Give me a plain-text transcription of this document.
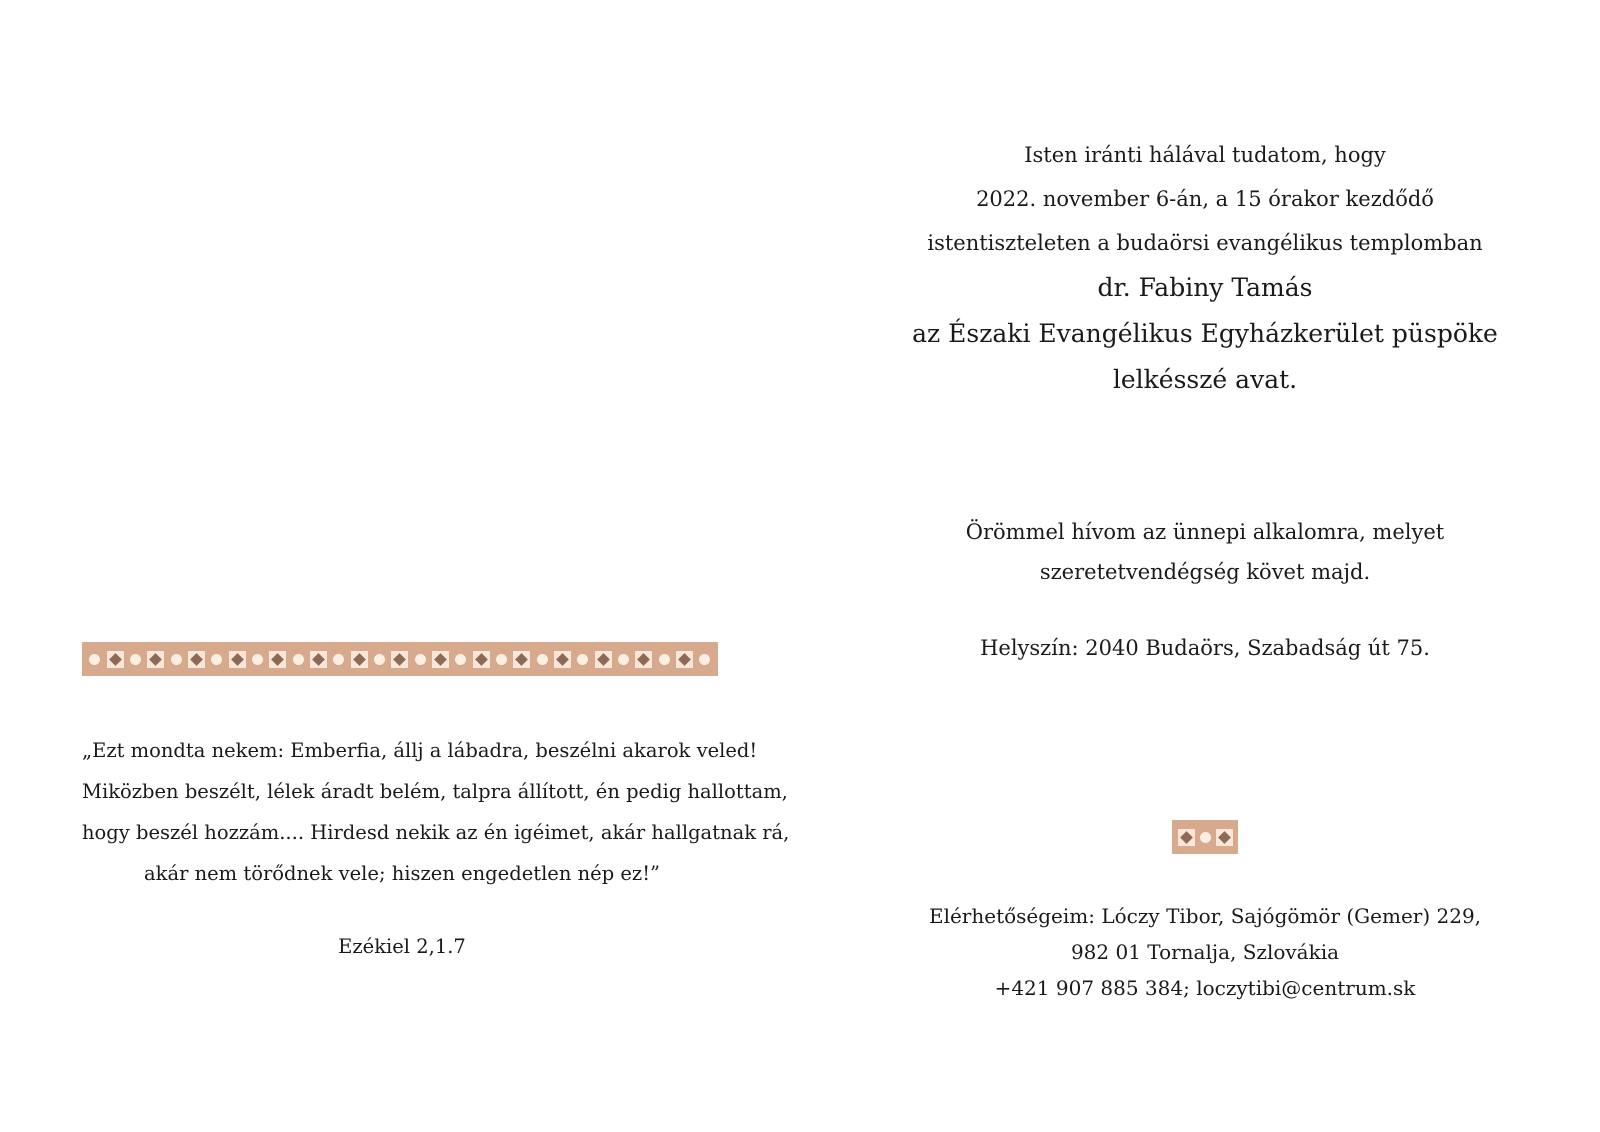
„Ezt mondta nekem: Emberfia, állj a lábadra, beszélni akarok veled!
Miközben beszélt, lélek áradt belém, talpra állított, én pedig hallottam,
hogy beszél hozzám.... Hirdesd nekik az én igéimet, akár hallgatnak rá,
akár nem törődnek vele; hiszen engedetlen nép ez!”
Ezékiel 2,1.7
Isten iránti hálával tudatom, hogy
2022. november 6-án, a 15 órakor kezdődő
istentiszteleten a budaörsi evangélikus templomban
dr. Fabiny Tamás
az Északi Evangélikus Egyházkerület püspöke
lelkésszé avat.
Örömmel hívom az ünnepi alkalomra, melyet
szeretetvendégség követ majd.
Helyszín: 2040 Budaörs, Szabadság út 75.
Elérhetőségeim: Lóczy Tibor, Sajógömör (Gemer) 229,
982 01 Tornalja, Szlovákia
+421 907 885 384; loczytibi@centrum.sk
